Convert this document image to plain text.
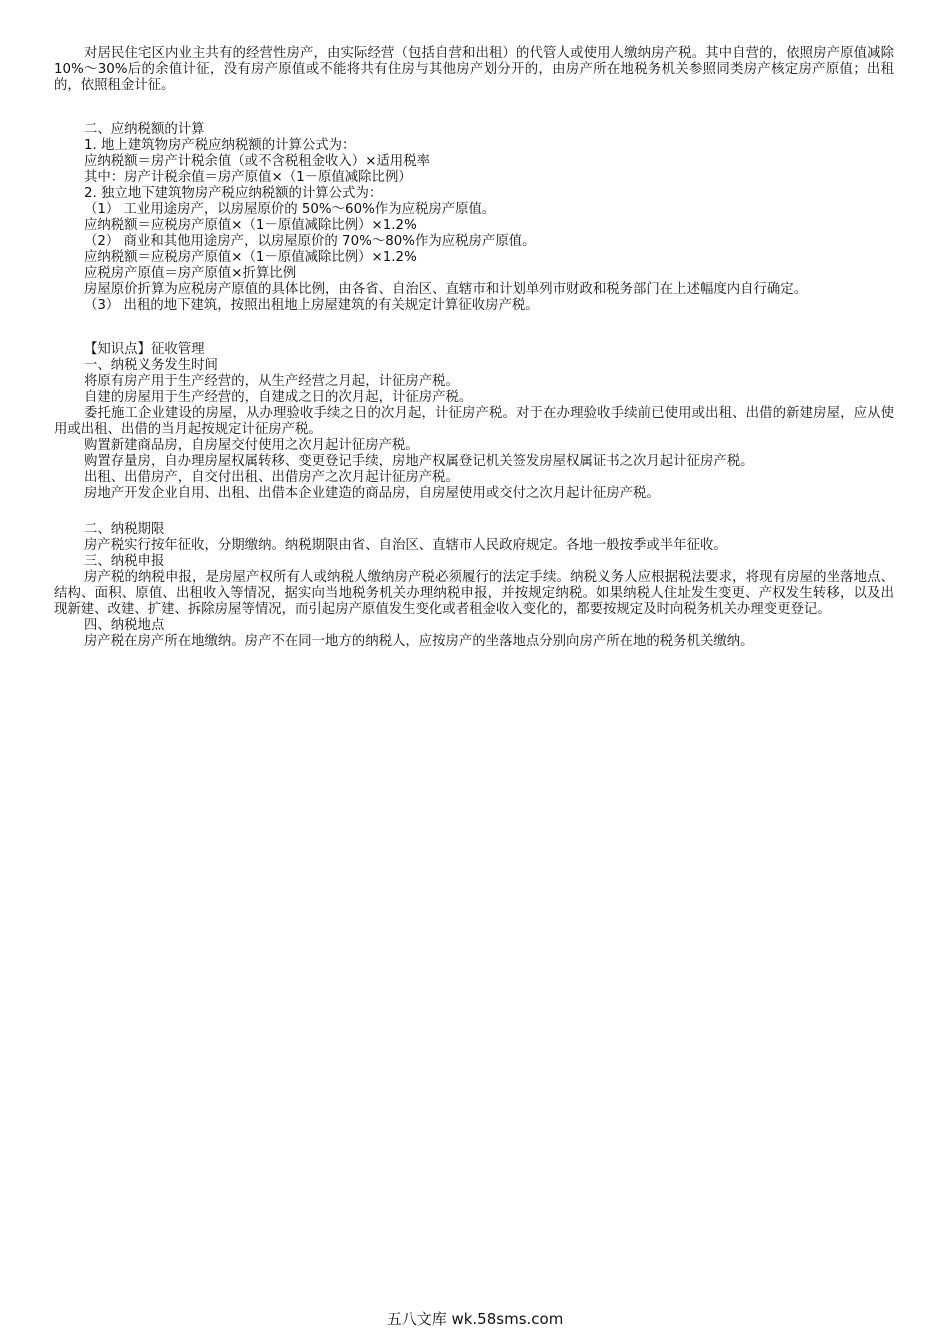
对居民住宅区内业主共有的经营性房产，由实际经营（包括自营和出租）的代管人或使用人缴纳房产税。其中自营的，依照房产原值减除 10%～30%后的余值计征，没有房产原值或不能将共有住房与其他房产划分开的，由房产所在地税务机关参照同类房产核定房产原值；出租的，依照租金计征。

二、应纳税额的计算

1. 地上建筑物房产税应纳税额的计算公式为：

应纳税额＝房产计税余值（或不含税租金收入）×适用税率

其中：房产计税余值＝房产原值×（1－原值减除比例）

2. 独立地下建筑物房产税应纳税额的计算公式为：

（1） 工业用途房产，以房屋原价的 50%～60%作为应税房产原值。

应纳税额＝应税房产原值×（1－原值减除比例）×1.2%

（2） 商业和其他用途房产，以房屋原价的 70%～80%作为应税房产原值。

应纳税额＝应税房产原值×（1－原值减除比例）×1.2%

应税房产原值＝房产原值×折算比例

房屋原价折算为应税房产原值的具体比例，由各省、自治区、直辖市和计划单列市财政和税务部门在上述幅度内自行确定。

（3） 出租的地下建筑，按照出租地上房屋建筑的有关规定计算征收房产税。

【知识点】征收管理

一、纳税义务发生时间

将原有房产用于生产经营的，从生产经营之月起，计征房产税。

自建的房屋用于生产经营的，自建成之日的次月起，计征房产税。

委托施工企业建设的房屋，从办理验收手续之日的次月起，计征房产税。对于在办理验收手续前已使用或出租、出借的新建房屋，应从使用或出租、出借的当月起按规定计征房产税。

购置新建商品房，自房屋交付使用之次月起计征房产税。

购置存量房，自办理房屋权属转移、变更登记手续，房地产权属登记机关签发房屋权属证书之次月起计征房产税。

出租、出借房产，自交付出租、出借房产之次月起计征房产税。

房地产开发企业自用、出租、出借本企业建造的商品房，自房屋使用或交付之次月起计征房产税。

二、纳税期限

房产税实行按年征收，分期缴纳。纳税期限由省、自治区、直辖市人民政府规定。各地一般按季或半年征收。

三、纳税申报

房产税的纳税申报，是房屋产权所有人或纳税人缴纳房产税必须履行的法定手续。纳税义务人应根据税法要求，将现有房屋的坐落地点、结构、面积、原值、出租收入等情况，据实向当地税务机关办理纳税申报，并按规定纳税。如果纳税人住址发生变更、产权发生转移，以及出现新建、改建、扩建、拆除房屋等情况，而引起房产原值发生变化或者租金收入变化的，都要按规定及时向税务机关办理变更登记。

四、纳税地点

房产税在房产所在地缴纳。房产不在同一地方的纳税人，应按房产的坐落地点分别向房产所在地的税务机关缴纳。

五八文库 wk.58sms.com
